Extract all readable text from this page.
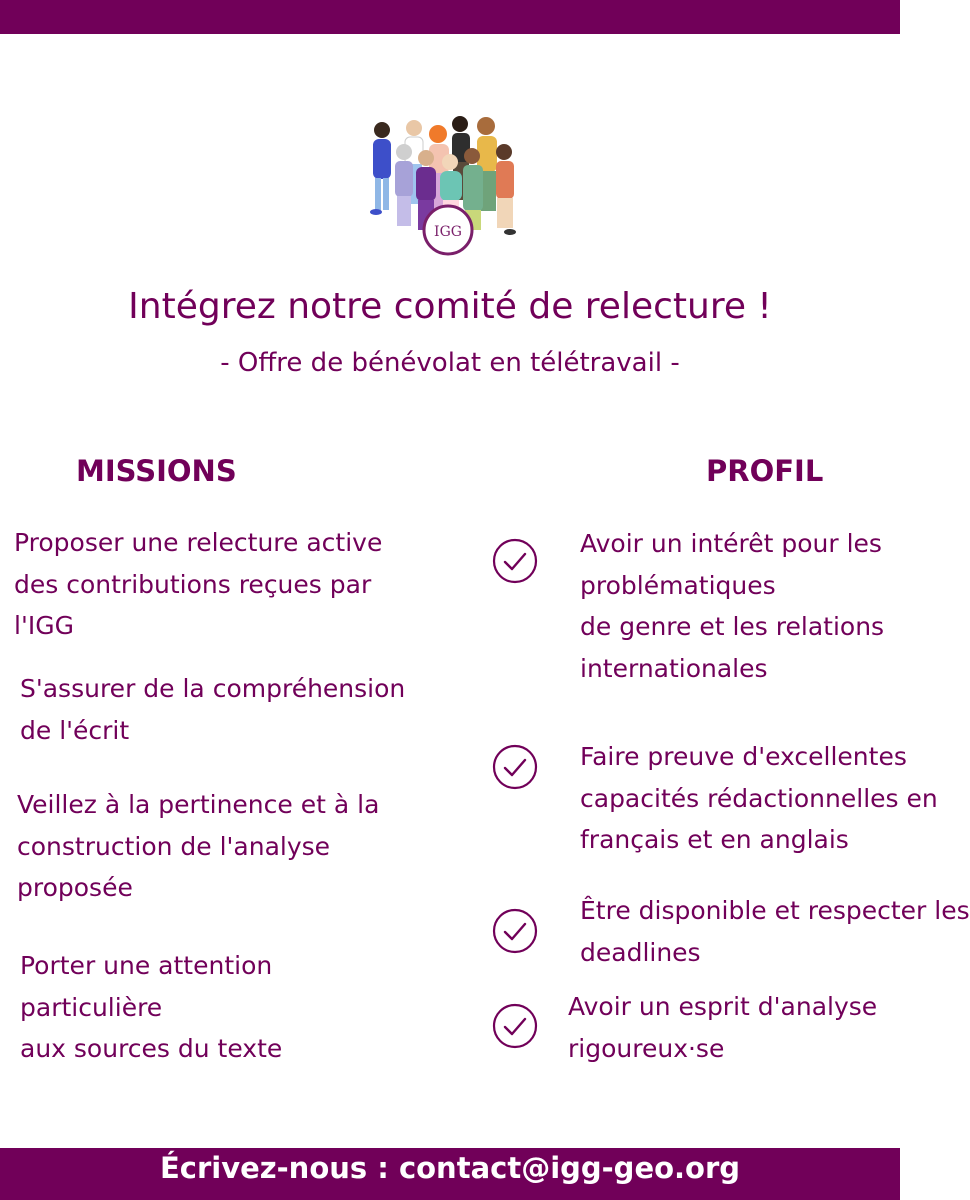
IGG
Intégrez notre comité de relecture !
- Offre de bénévolat en télétravail -
MISSIONS	PROFIL
Proposer une relecture active
des contributions reçues par
l'IGG
S'assurer de la compréhension
de l'écrit
Veillez à la pertinence et à la
construction de l'analyse
proposée
Porter une attention
particulière
aux sources du texte
Avoir un intérêt pour les
problématiques
de genre et les relations
internationales
Faire preuve d'excellentes
capacités rédactionnelles en
français et en anglais
Être disponible et respecter les
deadlines
Avoir un esprit d'analyse
rigoureux·se
Écrivez-nous : contact@igg-geo.org
